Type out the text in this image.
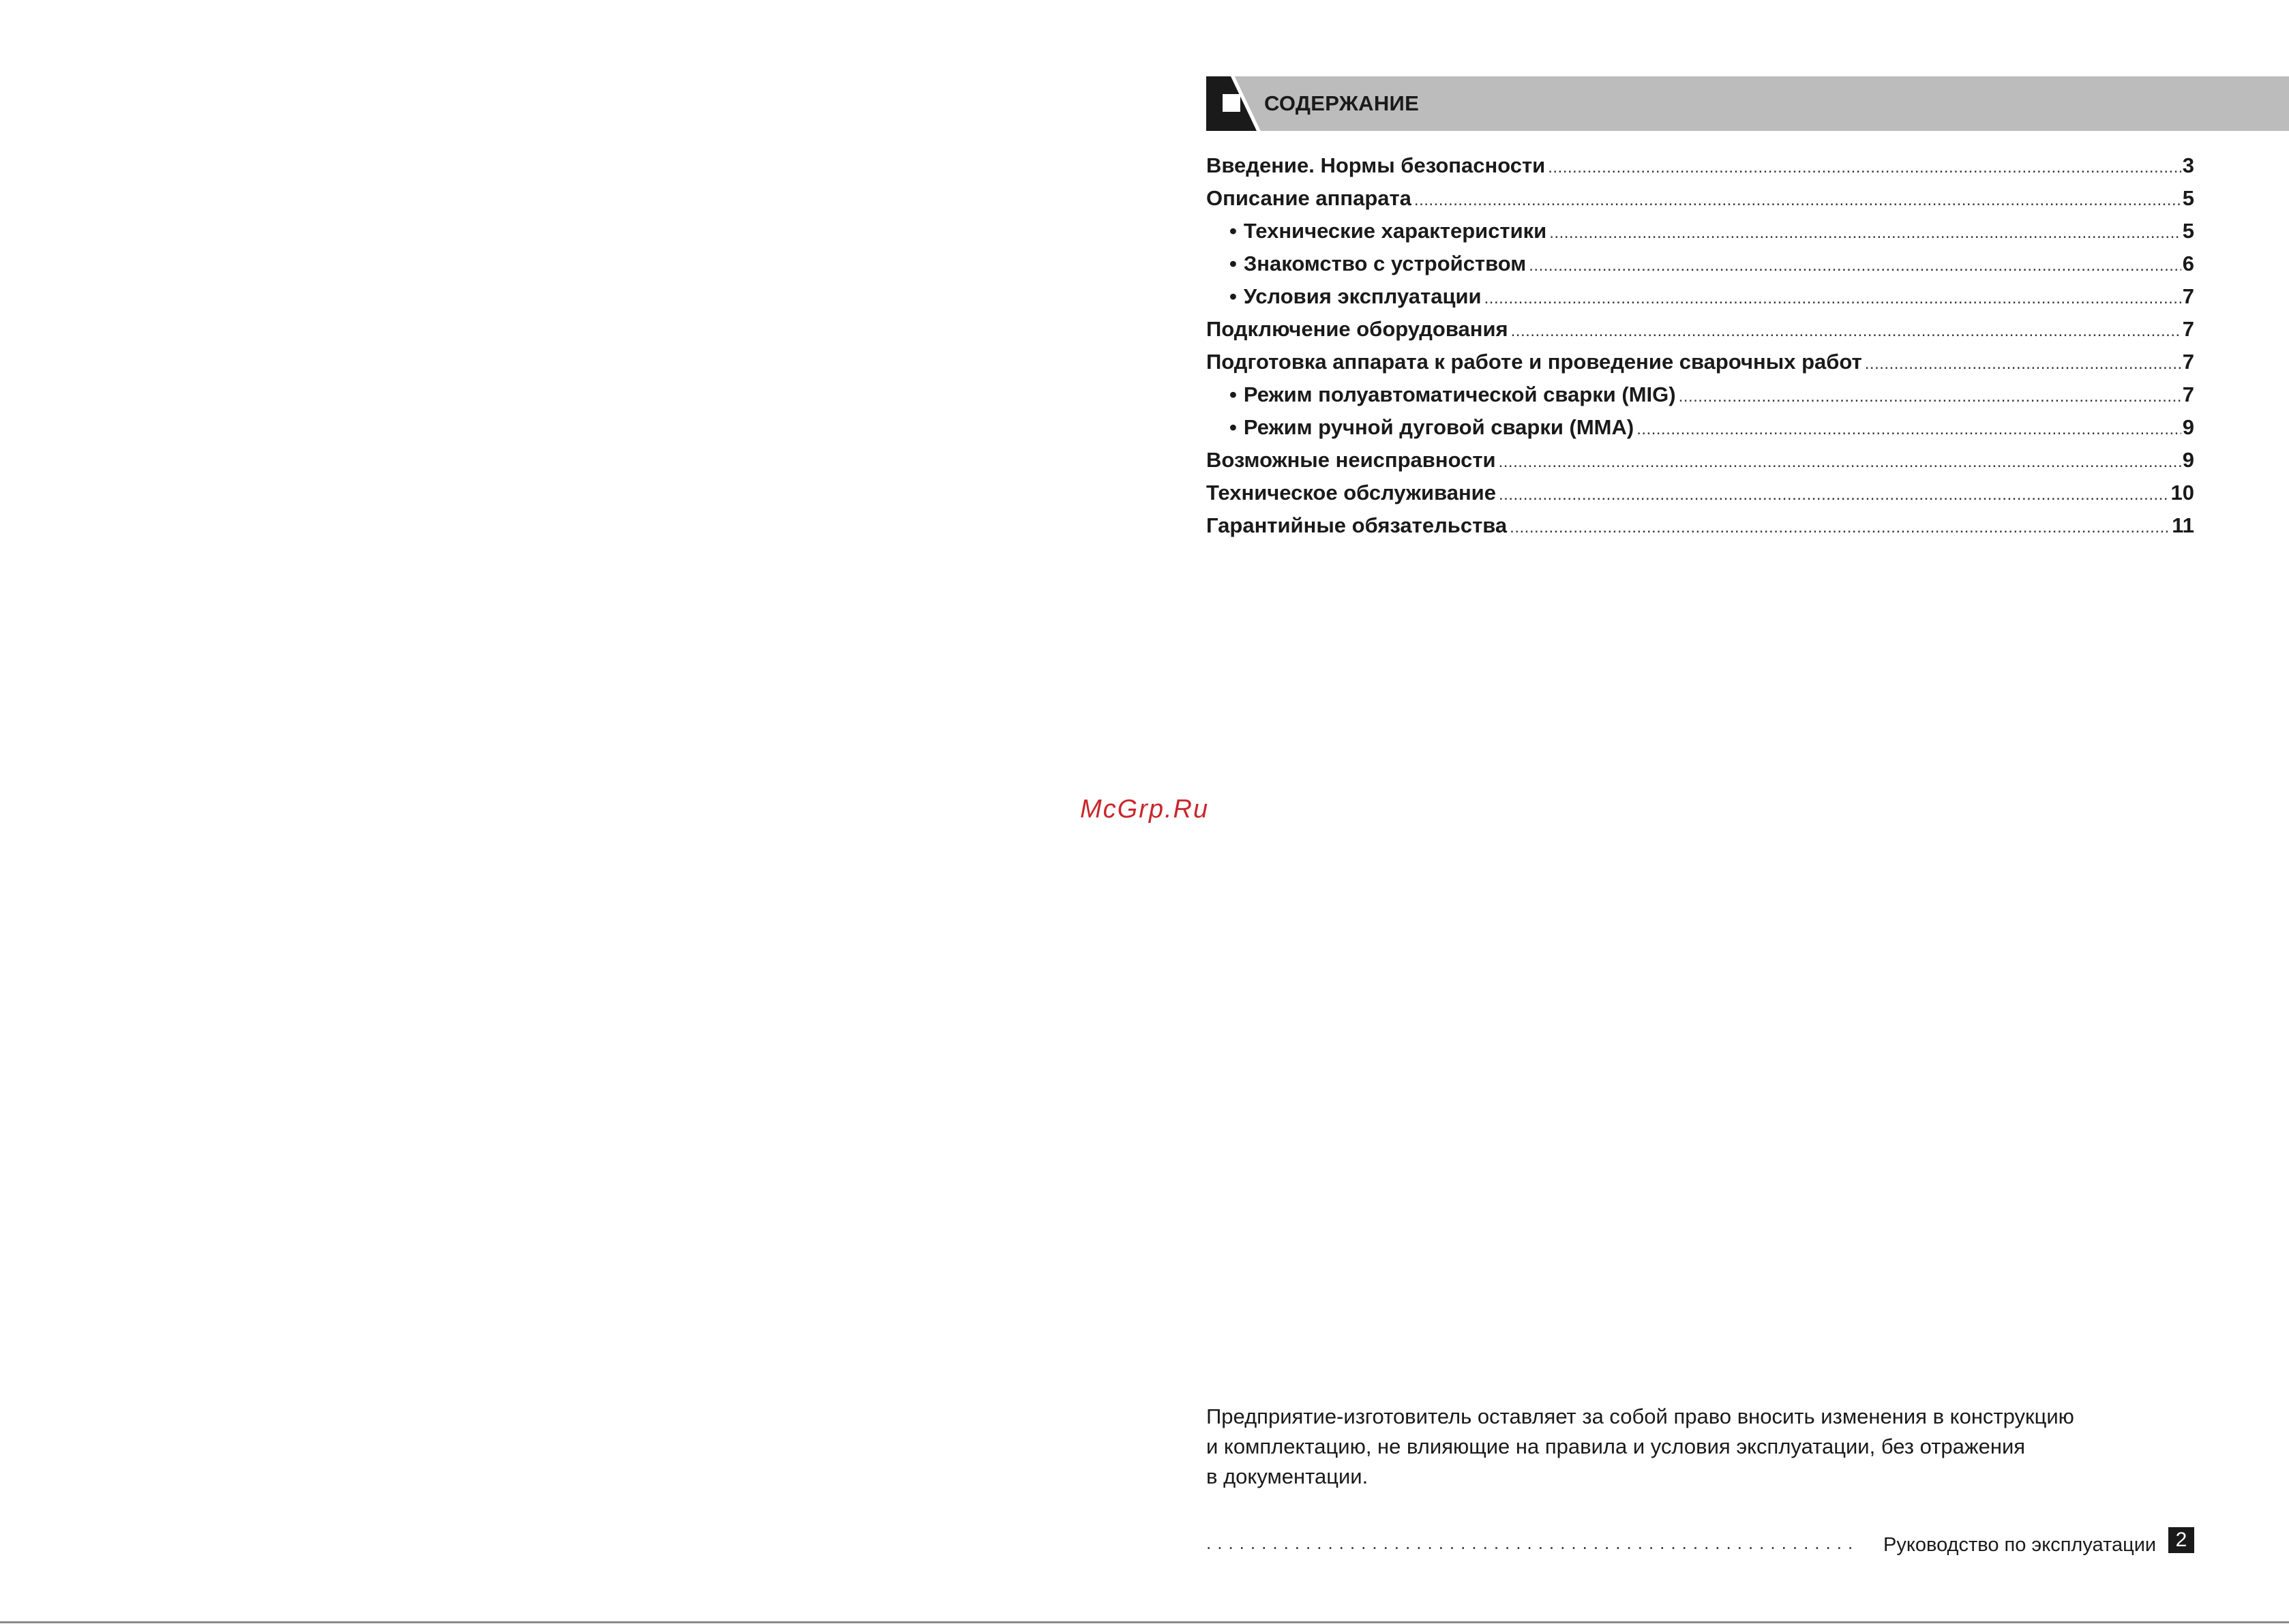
СОДЕРЖАНИЕ
Введение. Нормы безопасности .....	3
Описание аппарата .....	5
• Технические характеристики .....	5
• Знакомство с устройством .....	6
• Условия эксплуатации .....	7
Подключение оборудования .....	7
Подготовка аппарата к работе и проведение сварочных работ .....	7
• Режим полуавтоматической сварки (MIG) .....	7
• Режим ручной дуговой сварки (MMA) .....	9
Возможные неисправности .....	9
Техническое обслуживание .....	10
Гарантийные обязательства .....	11
McGrp.Ru

Предприятие-изготовитель оставляет за собой право вносить изменения в конструкцию

и комплектацию, не влияющие на правила и условия эксплуатации, без отражения

в документации.

...........................................................	Руководство по эксплуатации 2
